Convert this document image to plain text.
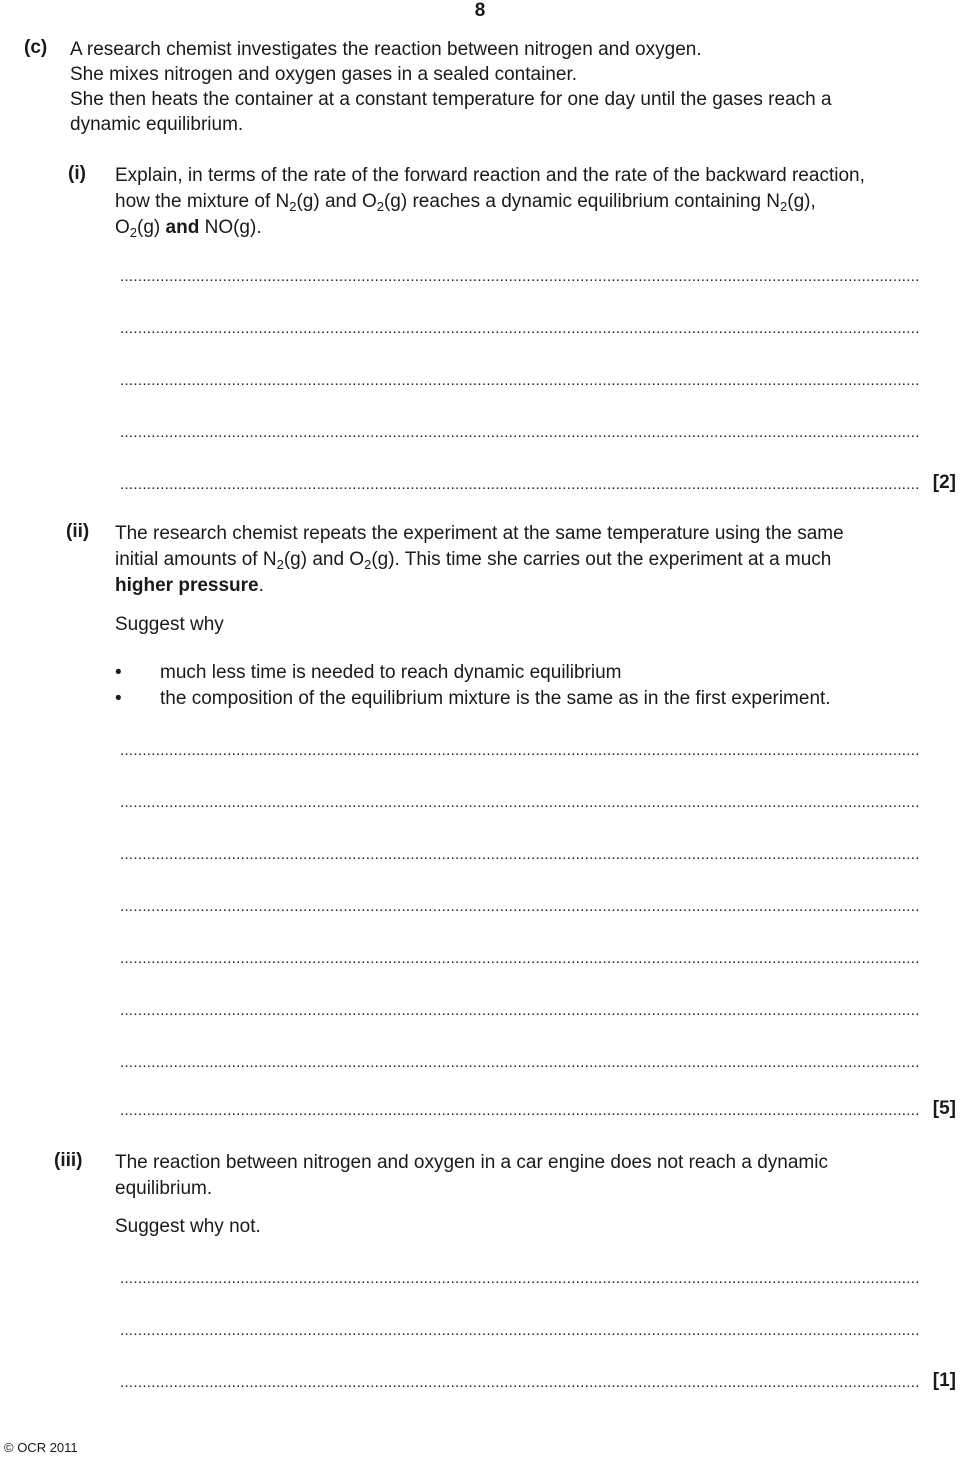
8
(c) A research chemist investigates the reaction between nitrogen and oxygen.
She mixes nitrogen and oxygen gases in a sealed container.
She then heats the container at a constant temperature for one day until the gases reach a
dynamic equilibrium.
(i) Explain, in terms of the rate of the forward reaction and the rate of the backward reaction,
how the mixture of $N_2(g)$ and $O_2(g)$ reaches a dynamic equilibrium containing $N_2(g)$,
$O_2(g)$ and NO(g).
...................................................................................................................................................................................
...................................................................................................................................................................................
...................................................................................................................................................................................
...................................................................................................................................................................................
................................................................................................................................................................................... [2]
(ii) The research chemist repeats the experiment at the same temperature using the same
initial amounts of $N_2(g)$ and $O_2(g)$. This time she carries out the experiment at a much
higher pressure.
Suggest why
• much less time is needed to reach dynamic equilibrium
• the composition of the equilibrium mixture is the same as in the first experiment.
...................................................................................................................................................................................
...................................................................................................................................................................................
...................................................................................................................................................................................
...................................................................................................................................................................................
...................................................................................................................................................................................
...................................................................................................................................................................................
...................................................................................................................................................................................
................................................................................................................................................................................... [5]
(iii) The reaction between nitrogen and oxygen in a car engine does not reach a dynamic
equilibrium.
Suggest why not.
...................................................................................................................................................................................
...................................................................................................................................................................................
................................................................................................................................................................................... [1]
© OCR 2011
